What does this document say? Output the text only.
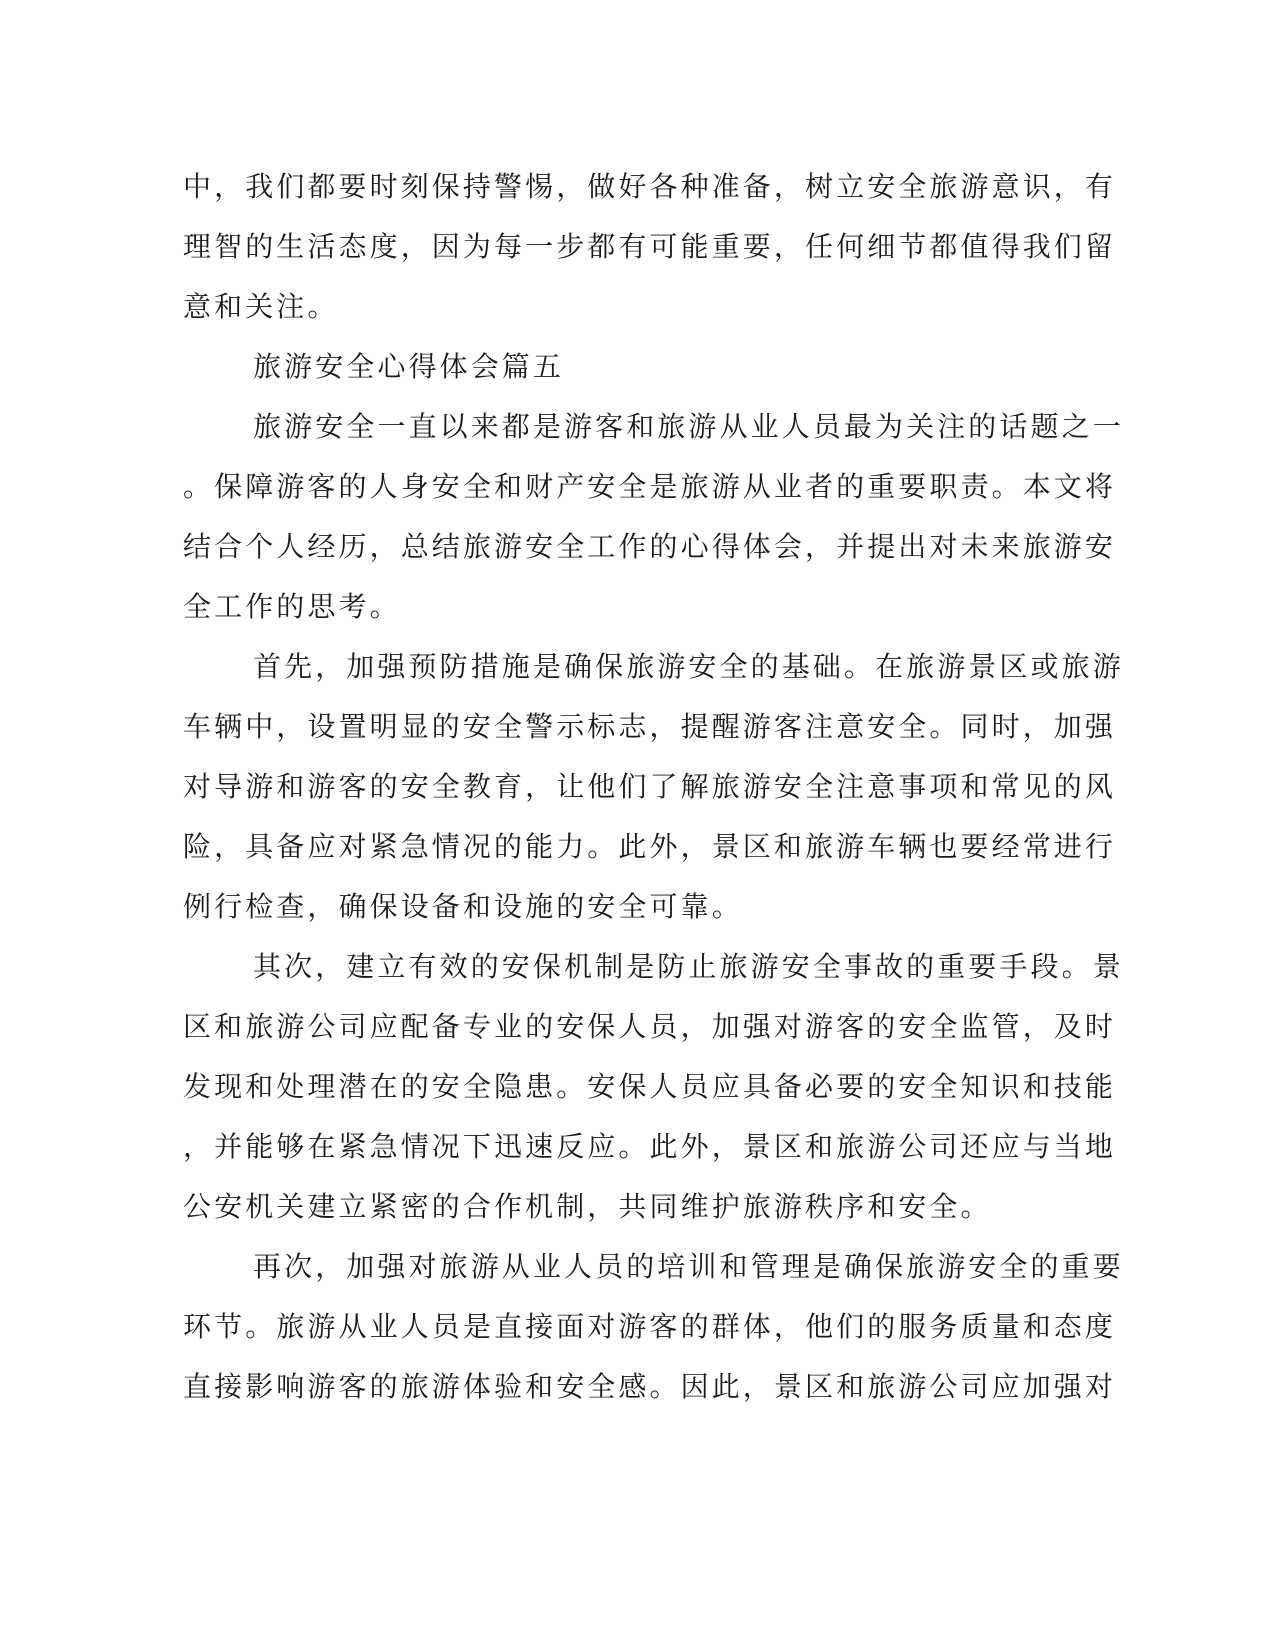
中，我们都要时刻保持警惕，做好各种准备，树立安全旅游意识，有
理智的生活态度，因为每一步都有可能重要，任何细节都值得我们留
意和关注。
旅游安全心得体会篇五
旅游安全一直以来都是游客和旅游从业人员最为关注的话题之一
。保障游客的人身安全和财产安全是旅游从业者的重要职责。本文将
结合个人经历，总结旅游安全工作的心得体会，并提出对未来旅游安
全工作的思考。
首先，加强预防措施是确保旅游安全的基础。在旅游景区或旅游
车辆中，设置明显的安全警示标志，提醒游客注意安全。同时，加强
对导游和游客的安全教育，让他们了解旅游安全注意事项和常见的风
险，具备应对紧急情况的能力。此外，景区和旅游车辆也要经常进行
例行检查，确保设备和设施的安全可靠。
其次，建立有效的安保机制是防止旅游安全事故的重要手段。景
区和旅游公司应配备专业的安保人员，加强对游客的安全监管，及时
发现和处理潜在的安全隐患。安保人员应具备必要的安全知识和技能
，并能够在紧急情况下迅速反应。此外，景区和旅游公司还应与当地
公安机关建立紧密的合作机制，共同维护旅游秩序和安全。
再次，加强对旅游从业人员的培训和管理是确保旅游安全的重要
环节。旅游从业人员是直接面对游客的群体，他们的服务质量和态度
直接影响游客的旅游体验和安全感。因此，景区和旅游公司应加强对
